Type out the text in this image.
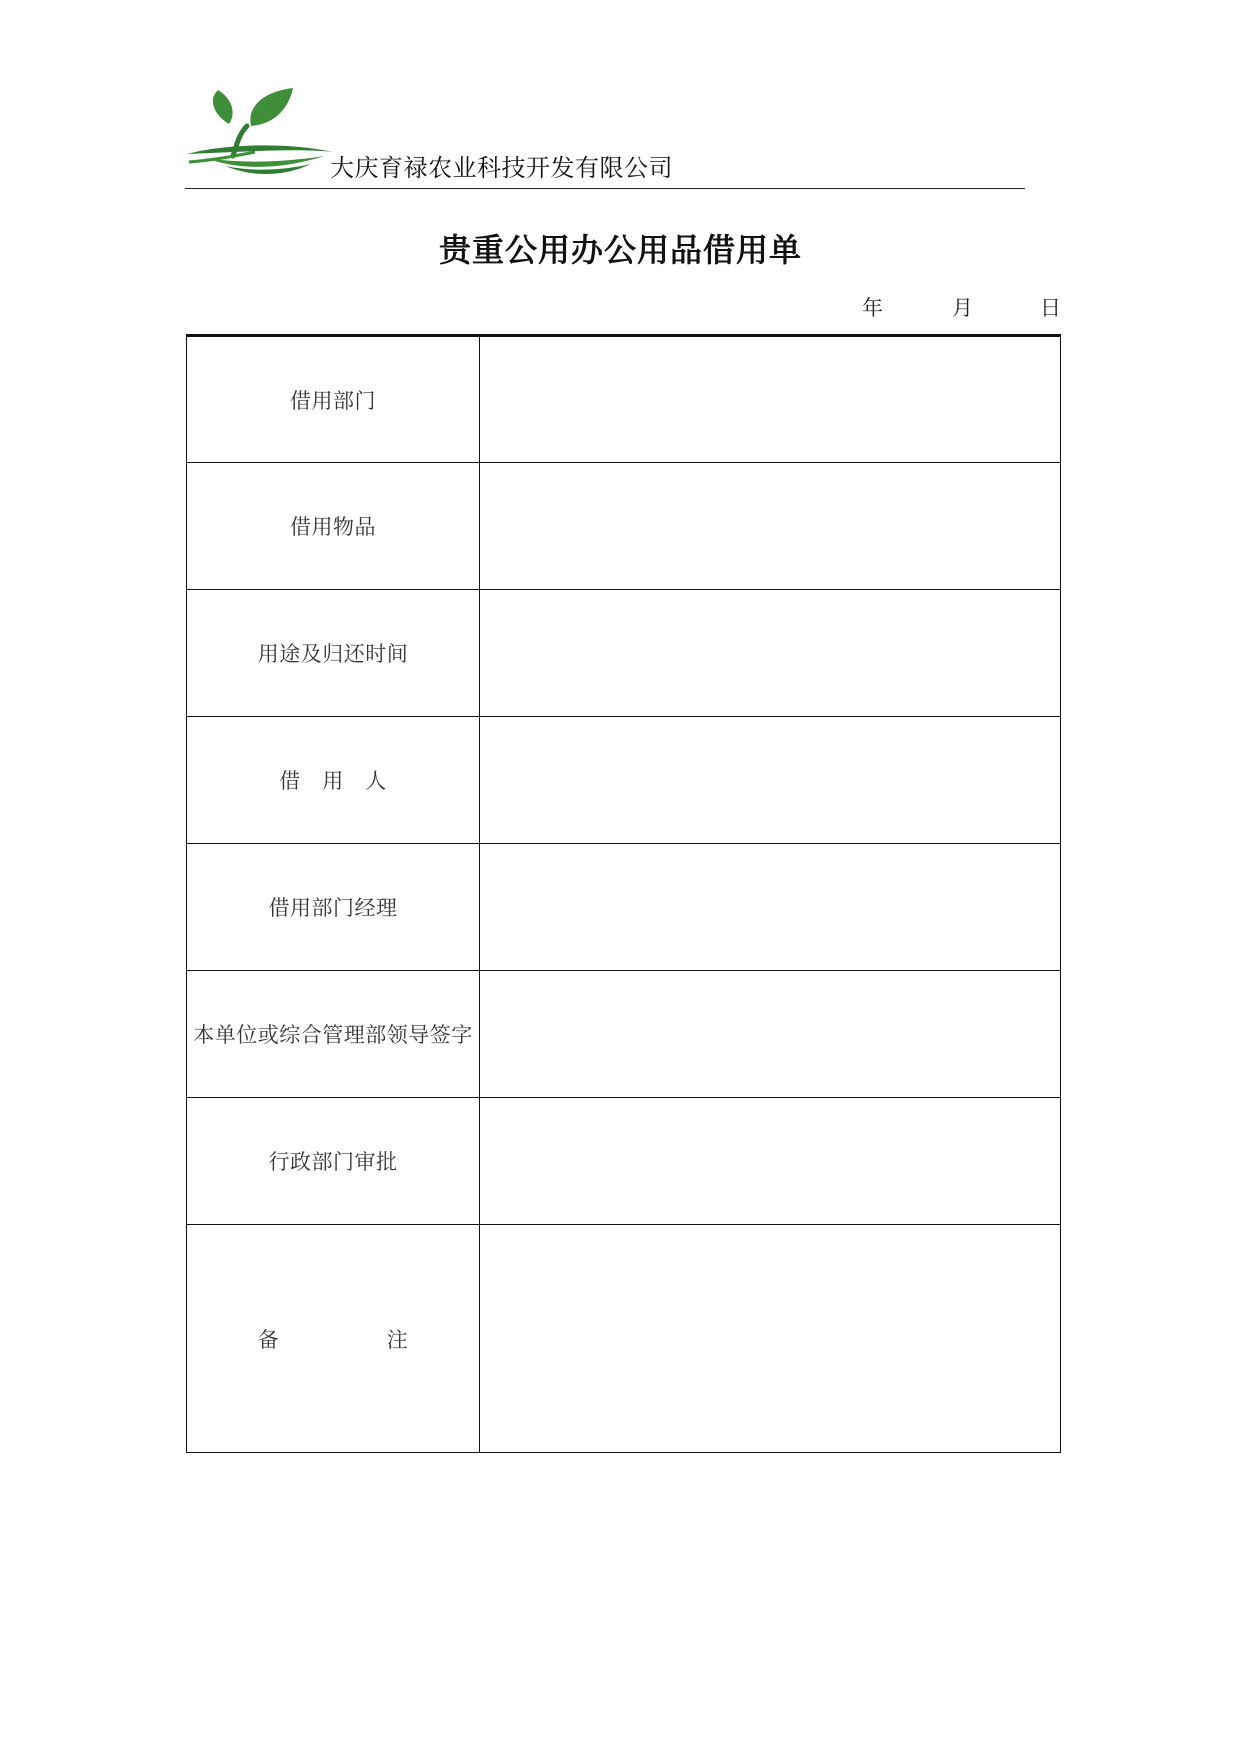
大庆育禄农业科技开发有限公司
贵重公用办公用品借用单
年	月	日
借用部门	
借用物品	
用途及归还时间	
借　用　人	
借用部门经理	
本单位或综合管理部领导签字	
行政部门审批	
备　　　　　注	
